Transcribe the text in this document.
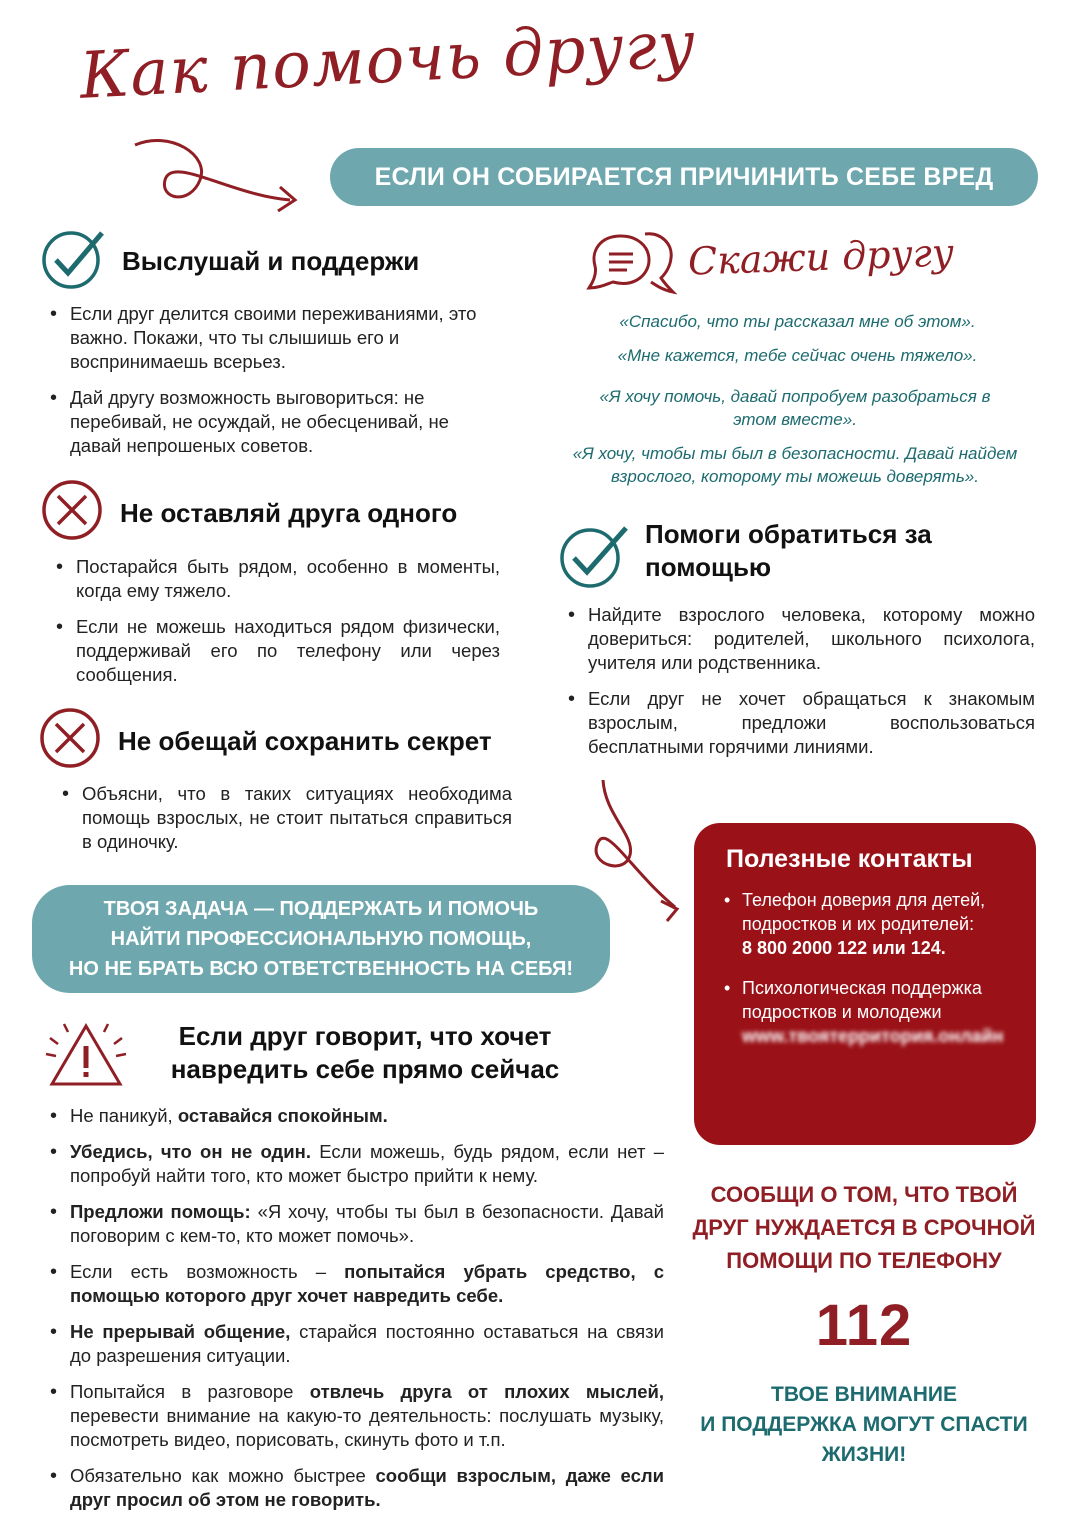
Как помочь другу
ЕСЛИ ОН СОБИРАЕТСЯ ПРИЧИНИТЬ СЕБЕ ВРЕД
Выслушай и поддержи
• Если друг делится своими переживаниями, это важно. Покажи, что ты слышишь его и воспринимаешь всерьез.
• Дай другу возможность выговориться: не перебивай, не осуждай, не обесценивай, не давай непрошеных советов.
Не оставляй друга одного
• Постарайся быть рядом, особенно в моменты, когда ему тяжело.
• Если не можешь находиться рядом физически, поддерживай его по телефону или через сообщения.
Не обещай сохранить секрет
• Объясни, что в таких ситуациях необходима помощь взрослых, не стоит пытаться справиться в одиночку.
ТВОЯ ЗАДАЧА — ПОДДЕРЖАТЬ И ПОМОЧЬ
НАЙТИ ПРОФЕССИОНАЛЬНУЮ ПОМОЩЬ,
НО НЕ БРАТЬ ВСЮ ОТВЕТСТВЕННОСТЬ НА СЕБЯ!
Если друг говорит, что хочет
навредить себе прямо сейчас
• Не паникуй, оставайся спокойным.
• Убедись, что он не один. Если можешь, будь рядом, если нет – попробуй найти того, кто может быстро прийти к нему.
• Предложи помощь: «Я хочу, чтобы ты был в безопасности. Давай поговорим с кем-то, кто может помочь».
• Если есть возможность – попытайся убрать средство, с помощью которого друг хочет навредить себе.
• Не прерывай общение, старайся постоянно оставаться на связи до разрешения ситуации.
• Попытайся в разговоре отвлечь друга от плохих мыслей, перевести внимание на какую-то деятельность: послушать музыку, посмотреть видео, порисовать, скинуть фото и т.п.
• Обязательно как можно быстрее сообщи взрослым, даже если друг просил об этом не говорить.
Скажи другу
«Спасибо, что ты рассказал мне об этом».
«Мне кажется, тебе сейчас очень тяжело».
«Я хочу помочь, давай попробуем разобраться в этом вместе».
«Я хочу, чтобы ты был в безопасности. Давай найдем взрослого, которому ты можешь доверять».
Помоги обратиться за
помощью
• Найдите взрослого человека, которому можно довериться: родителей, школьного психолога, учителя или родственника.
• Если друг не хочет обращаться к знакомым взрослым, предложи воспользоваться бесплатными горячими линиями.
Полезные контакты
• Телефон доверия для детей, подростков и их родителей:
8 800 2000 122 или 124.
• Психологическая поддержка подростков и молодежи
www.твоятерритория.онлайн
СООБЩИ О ТОМ, ЧТО ТВОЙ
ДРУГ НУЖДАЕТСЯ В СРОЧНОЙ
ПОМОЩИ ПО ТЕЛЕФОНУ
112
ТВОЕ ВНИМАНИЕ
И ПОДДЕРЖКА МОГУТ СПАСТИ
ЖИЗНИ!
